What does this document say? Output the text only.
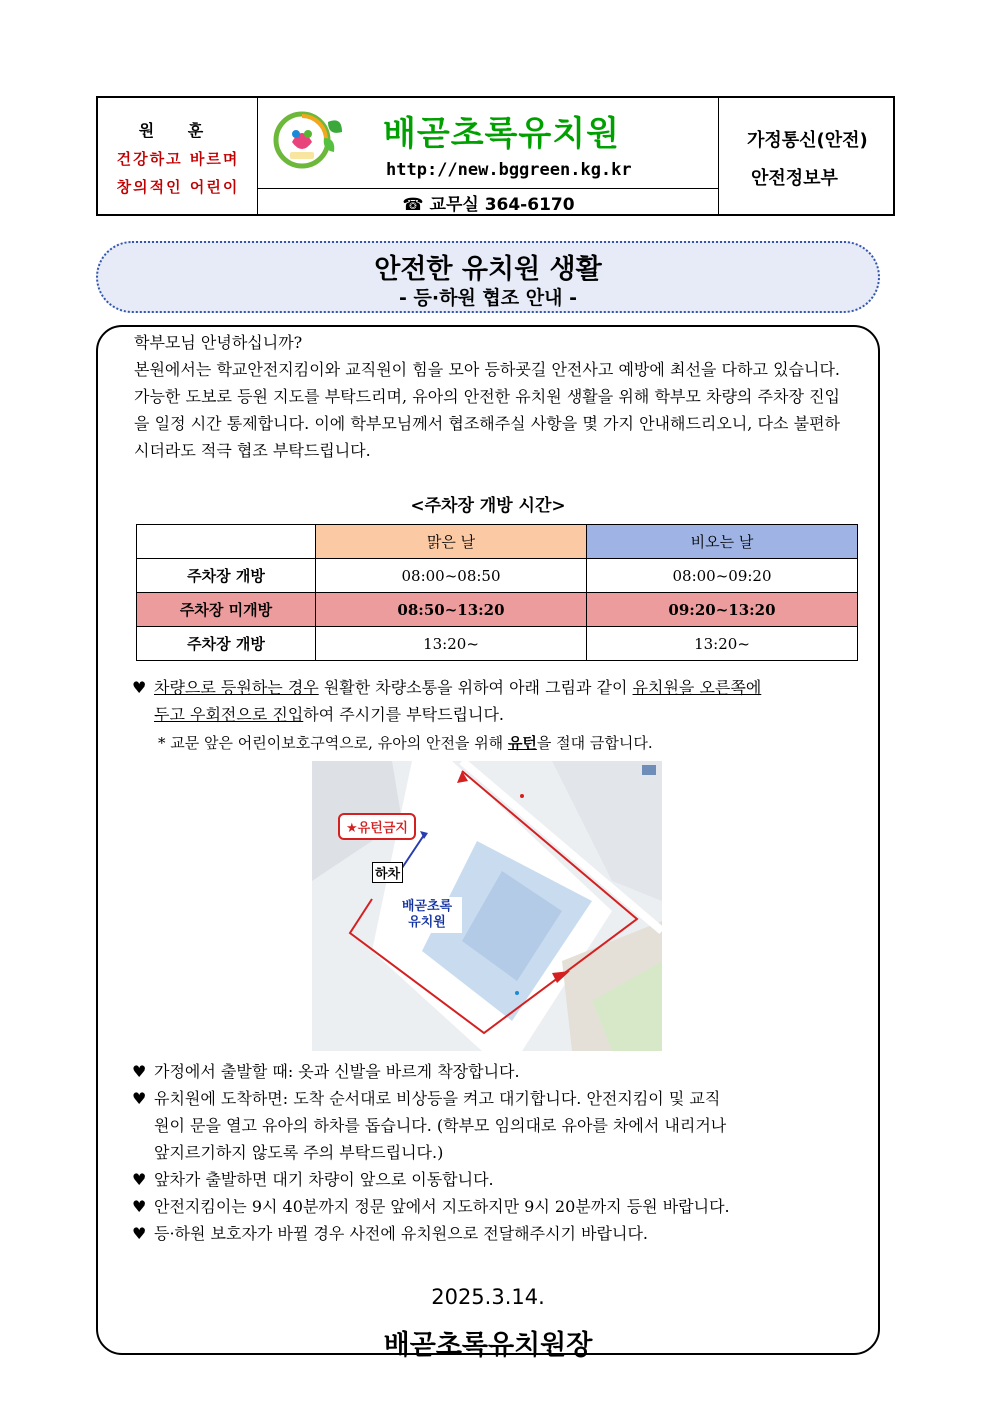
원 훈
건강하고 바르며
창의적인 어린이
배곧초록유치원
http://new.bggreen.kg.kr
☎ 교무실 364-6170
가정통신(안전)
안전정보부
안전한 유치원 생활
- 등·하원 협조 안내 -
학부모님 안녕하십니까?
본원에서는 학교안전지킴이와 교직원이 힘을 모아 등하굣길 안전사고 예방에 최선을 다하고 있습니다. 가능한 도보로 등원 지도를 부탁드리며, 유아의 안전한 유치원 생활을 위해 학부모 차량의 주차장 진입을 일정 시간 통제합니다. 이에 학부모님께서 협조해주실 사항을 몇 가지 안내해드리오니, 다소 불편하시더라도 적극 협조 부탁드립니다.
<주차장 개방 시간>
	맑은 날	비오는 날
주차장 개방	08:00~08:50	08:00~09:20
주차장 미개방	08:50~13:20	09:20~13:20
주차장 개방	13:20~	13:20~
♥ 차량으로 등원하는 경우 원활한 차량소통을 위하여 아래 그림과 같이 유치원을 오른쪽에
두고 우회전으로 진입하여 주시기를 부탁드립니다.
* 교문 앞은 어린이보호구역으로, 유아의 안전을 위해 유턴을 절대 금합니다.
★유턴금지
하차
배곧초록
유치원
♥ 가정에서 출발할 때: 옷과 신발을 바르게 착장합니다.
♥ 유치원에 도착하면: 도착 순서대로 비상등을 켜고 대기합니다. 안전지킴이 및 교직
원이 문을 열고 유아의 하차를 돕습니다. (학부모 임의대로 유아를 차에서 내리거나
앞지르기하지 않도록 주의 부탁드립니다.)
♥ 앞차가 출발하면 대기 차량이 앞으로 이동합니다.
♥ 안전지킴이는 9시 40분까지 정문 앞에서 지도하지만 9시 20분까지 등원 바랍니다.
♥ 등·하원 보호자가 바뀔 경우 사전에 유치원으로 전달해주시기 바랍니다.
2025.3.14.
배곧초록유치원장
